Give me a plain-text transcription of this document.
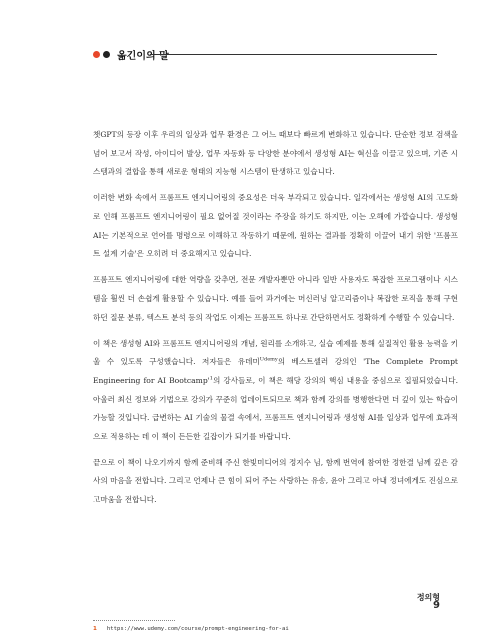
옮긴이의 말

챗GPT의 등장 이후 우리의 일상과 업무 환경은 그 어느 때보다 빠르게 변화하고 있습니다. 단순한 정보 검색을 넘어 보고서 작성, 아이디어 발상, 업무 자동화 등 다양한 분야에서 생성형 AI는 혁신을 이끌고 있으며, 기존 시스템과의 결합을 통해 새로운 형태의 지능형 시스템이 탄생하고 있습니다.

이러한 변화 속에서 프롬프트 엔지니어링의 중요성은 더욱 부각되고 있습니다. 일각에서는 생성형 AI의 고도화로 인해 프롬프트 엔지니어링이 필요 없어질 것이라는 주장을 하기도 하지만, 이는 오해에 가깝습니다. 생성형 AI는 기본적으로 언어를 명령으로 이해하고 작동하기 때문에, 원하는 결과를 정확히 이끌어 내기 위한 '프롬프트 설계 기술'은 오히려 더 중요해지고 있습니다.

프롬프트 엔지니어링에 대한 역량을 갖추면, 전문 개발자뿐만 아니라 일반 사용자도 복잡한 프로그램이나 시스템을 훨씬 더 손쉽게 활용할 수 있습니다. 예를 들어 과거에는 머신러닝 알고리즘이나 복잡한 로직을 통해 구현하던 질문 분류, 텍스트 분석 등의 작업도 이제는 프롬프트 하나로 간단하면서도 정확하게 수행할 수 있습니다.

이 책은 생성형 AI와 프롬프트 엔지니어링의 개념, 원리를 소개하고, 실습 예제를 통해 실질적인 활용 능력을 키울 수 있도록 구성했습니다. 저자들은 유데미$^{Udemy}$의 베스트셀러 강의인 'The Complete Prompt Engineering for AI $Bootcamp'^1$의 강사들로, 이 책은 해당 강의의 핵심 내용을 중심으로 집필되었습니다. 아울러 최신 정보와 기법으로 강의가 꾸준히 업데이트되므로 책과 함께 강의를 병행한다면 더 깊이 있는 학습이 가능할 것입니다. 급변하는 AI 기술의 물결 속에서, 프롬프트 엔지니어링과 생성형 AI를 일상과 업무에 효과적으로 적용하는 데 이 책이 든든한 길잡이가 되기를 바랍니다.

끝으로 이 책이 나오기까지 함께 준비해 주신 한빛미디어의 정지수 님, 함께 번역에 참여한 정한결 님께 깊은 감사의 마음을 전합니다. 그리고 언제나 큰 힘이 되어 주는 사랑하는 유송, 윤아 그리고 아내 정녀에게도 진심으로 고마움을 전합니다.

정의형
1 https://www.udemy.com/course/prompt-engineering-for-ai
9
